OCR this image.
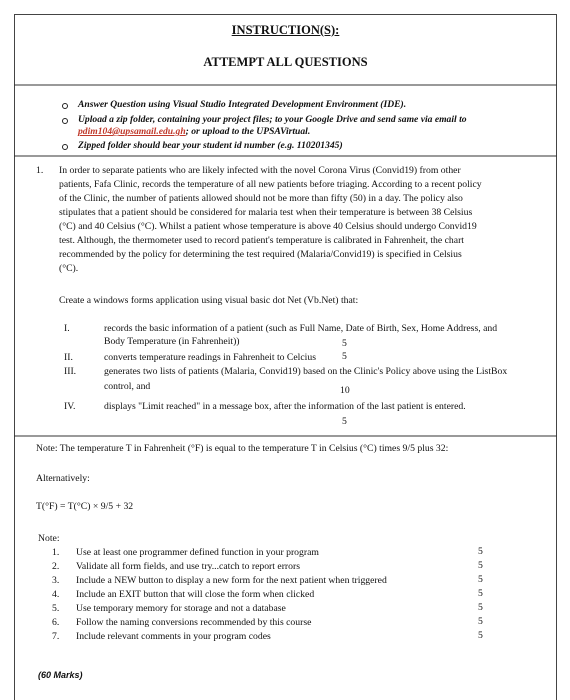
INSTRUCTION(S):
ATTEMPT ALL QUESTIONS
Answer Question using Visual Studio Integrated Development Environment (IDE).
Upload a zip folder, containing your project files; to your Google Drive and send same via email to
pdim104@upsamail.edu.gh; or upload to the UPSAVirtual.
Zipped folder should bear your student id number (e.g. 110201345)
1. In order to separate patients who are likely infected with the novel Corona Virus (Convid19) from other
patients, Fafa Clinic, records the temperature of all new patients before triaging. According to a recent policy
of the Clinic, the number of patients allowed should not be more than fifty (50) in a day. The policy also
stipulates that a patient should be considered for malaria test when their temperature is between 38 Celsius
(°C) and 40 Celsius (°C). Whilst a patient whose temperature is above 40 Celsius should undergo Convid19
test. Although, the thermometer used to record patient's temperature is calibrated in Fahrenheit, the chart
recommended by the policy for determining the test required (Malaria/Convid19) is specified in Celsius
(°C).
Create a windows forms application using visual basic dot Net (Vb.Net) that:
I.	records the basic information of a patient (such as Full Name, Date of Birth, Sex, Home Address, and
Body Temperature (in Fahrenheit))	5
II.	converts temperature readings in Fahrenheit to Celcius	5
III.	generates two lists of patients (Malaria, Convid19) based on the Clinic's Policy above using the ListBox
control, and	10
IV.	displays "Limit reached" in a message box, after the information of the last patient is entered.
5
Note: The temperature T in Fahrenheit (°F) is equal to the temperature T in Celsius (°C) times 9/5 plus 32:
Alternatively:
T(°F) = T(°C) × 9/5 + 32
Note:
1. Use at least one programmer defined function in your program	5
2. Validate all form fields, and use try...catch to report errors	5
3. Include a NEW button to display a new form for the next patient when triggered	5
4. Include an EXIT button that will close the form when clicked	5
5. Use temporary memory for storage and not a database	5
6. Follow the naming conversions recommended by this course	5
7. Include relevant comments in your program codes	5
(60 Marks)
